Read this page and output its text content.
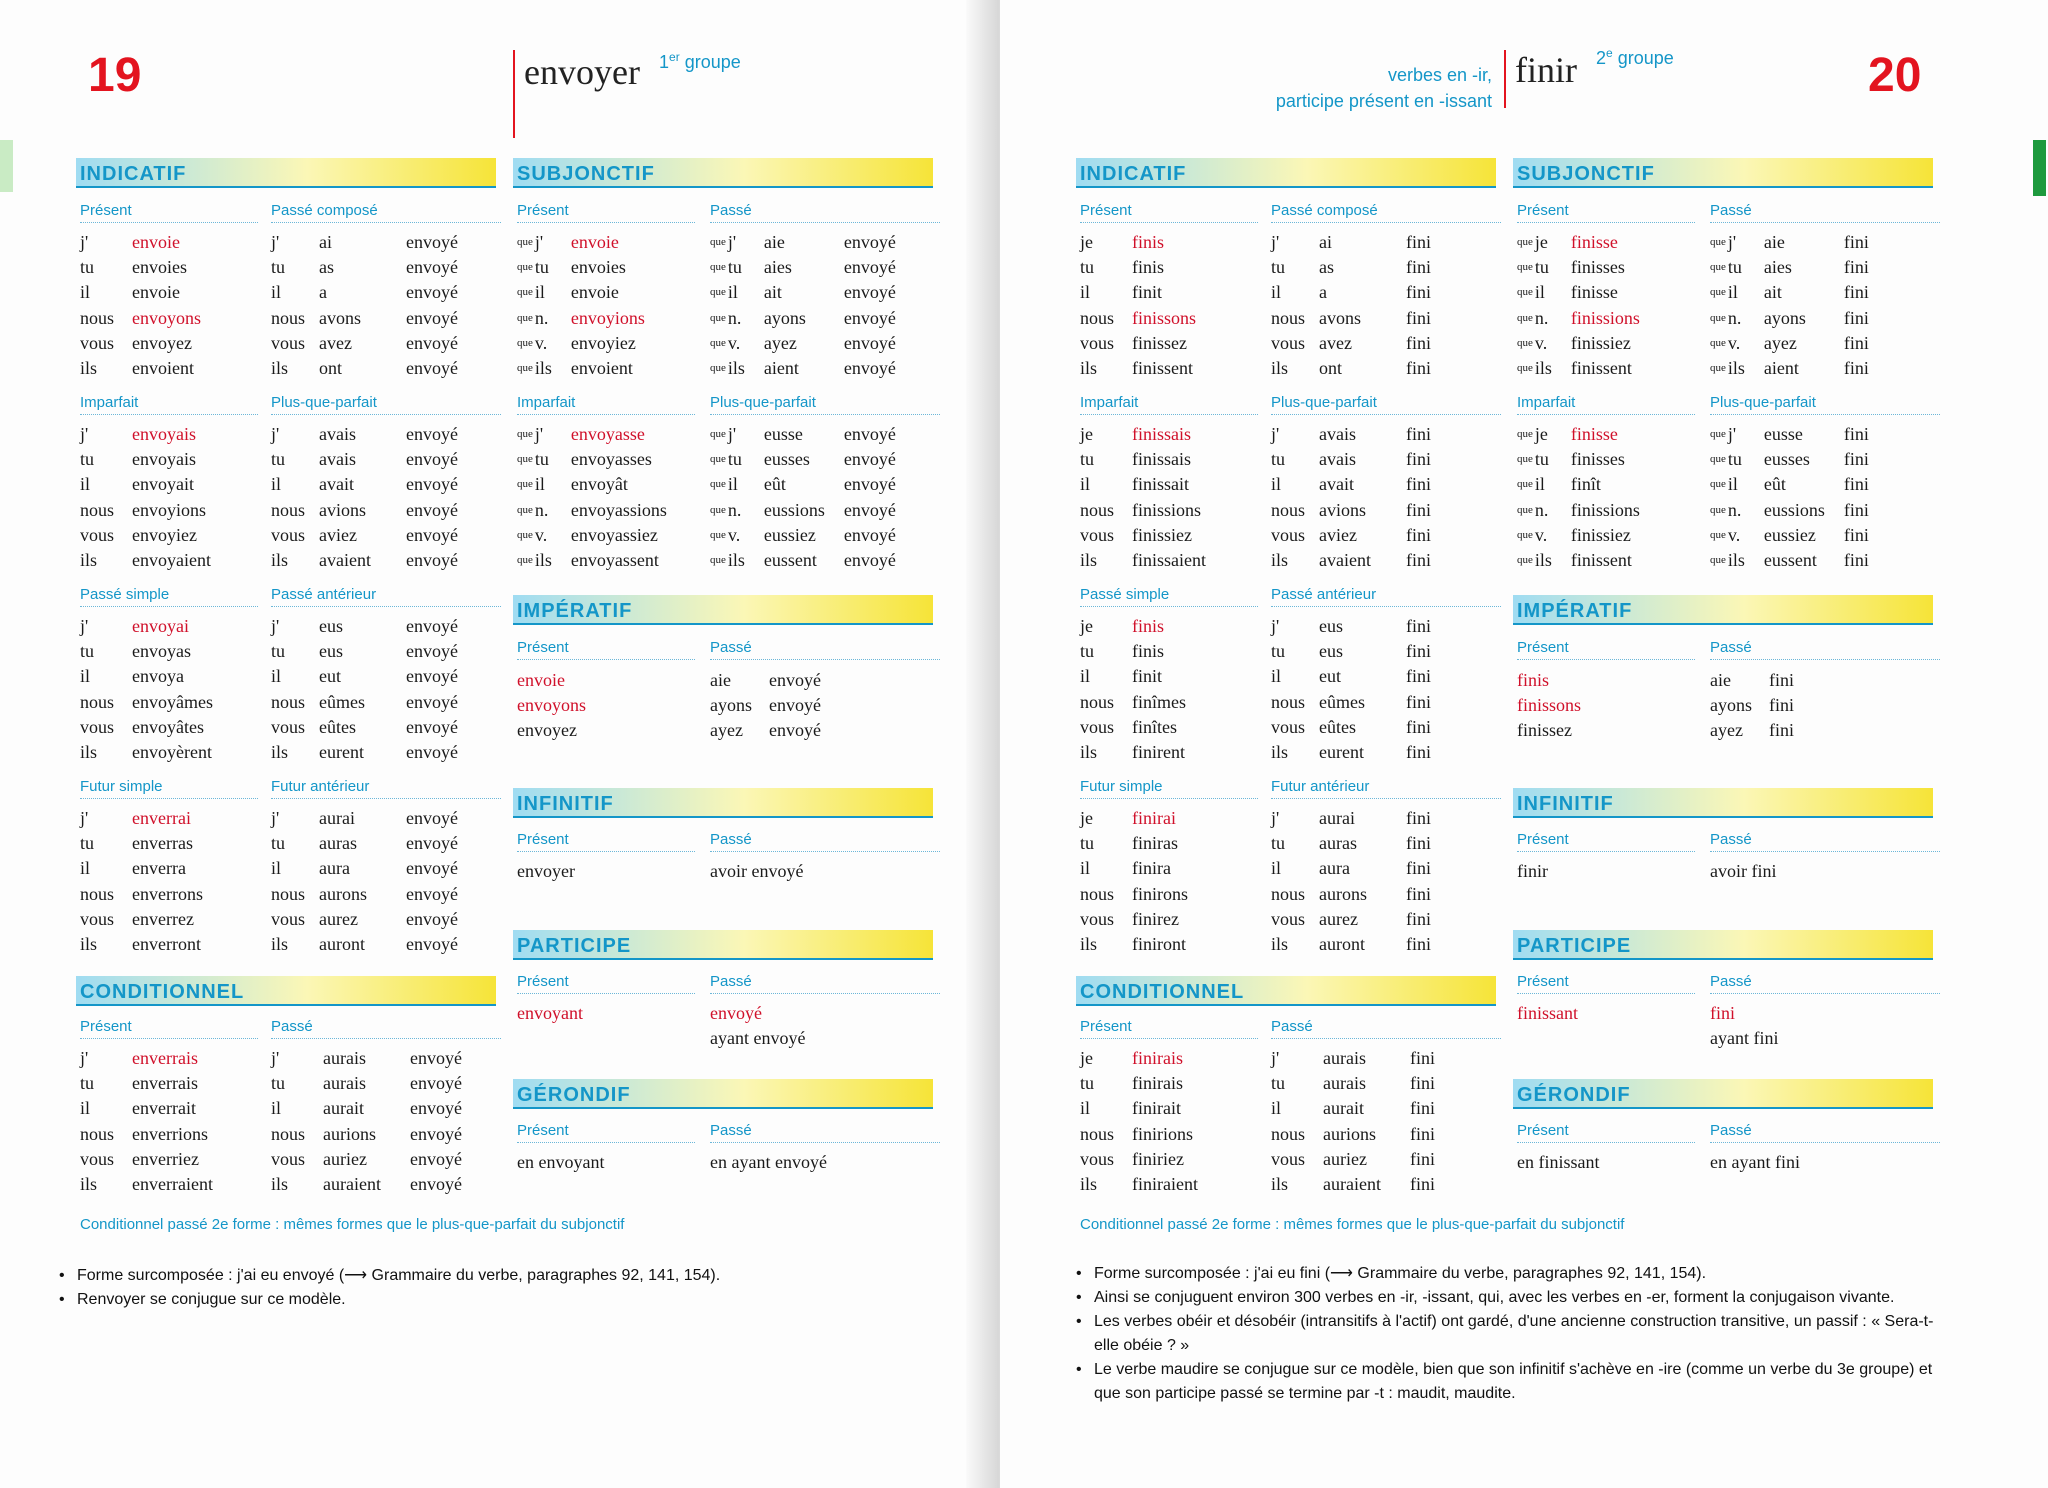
19	envoyer 1er groupe
INDICATIF
Présent	Passé composé
j'	envoie
tu	envoies
il	envoie
nous envoyons
vous envoyez
ils	envoient
j'	ai	envoyé
tu	as	envoyé
il	a	envoyé
nous avons	envoyé
vous avez	envoyé
ils	ont	envoyé
Imparfait	Plus-que-parfait
j'	envoyais
tu	envoyais
il	envoyait
nous envoyions
vous envoyiez
ils	envoyaient
j'	avais	envoyé
tu	avais	envoyé
il	avait	envoyé
nous avions	envoyé
vous aviez	envoyé
ils	avaient	envoyé
Passé simple	Passé antérieur
j'	envoyai
tu	envoyas
il	envoya
nous envoyâmes
vous envoyâtes
ils	envoyèrent
j'	eus	envoyé
tu	eus	envoyé
il	eut	envoyé
nous eûmes	envoyé
vous eûtes	envoyé
ils	eurent	envoyé
Futur simple	Futur antérieur
j'	enverrai
tu	enverras
il	enverra
nous enverrons
vous enverrez
ils	enverront
j'	aurai	envoyé
tu	auras	envoyé
il	aura	envoyé
nous aurons	envoyé
vous aurez	envoyé
ils	auront	envoyé
CONDITIONNEL
Présent	Passé
j'	enverrais
tu	enverrais
il	enverrait
nous enverrions
vous enverriez
ils	enverraient
j'	aurais	envoyé
tu	aurais	envoyé
il	aurait	envoyé
nous aurions	envoyé
vous auriez	envoyé
ils	auraient	envoyé
Conditionnel passé 2e forme : mêmes formes que le plus-que-parfait du subjonctif
SUBJONCTIF
Présent	Passé
que j'	envoie
que tu	envoies
que il	envoie
que n.	envoyions
que v.	envoyiez
que ils	envoient
que j'	aie	envoyé
que tu	aies	envoyé
que il	ait	envoyé
que n.	ayons	envoyé
que v.	ayez	envoyé
que ils	aient	envoyé
Imparfait	Plus-que-parfait
que j'	envoyasse
que tu	envoyasses
que il	envoyât
que n.	envoyassions
que v.	envoyassiez
que ils	envoyassent
que j'	eusse	envoyé
que tu	eusses	envoyé
que il	eût	envoyé
que n.	eussions	envoyé
que v.	eussiez	envoyé
que ils	eussent	envoyé
IMPÉRATIF
Présent	Passé
envoie
envoyons
envoyez
aie	envoyé
ayons envoyé
ayez	envoyé
INFINITIF
Présent	Passé
envoyer	avoir envoyé
PARTICIPE
Présent	Passé
envoyant	envoyé
ayant envoyé
GÉRONDIF
Présent	Passé
en envoyant	en ayant envoyé

• Forme surcomposée : j'ai eu envoyé (⟶ Grammaire du verbe, paragraphes 92, 141, 154).

• Renvoyer se conjugue sur ce modèle.

verbes en -ir,
participe présent en -issant
finir 2e groupe	20
INDICATIF
Présent	Passé composé
je	finis
tu	finis
il	finit
nous finissons
vous finissez
ils	finissent
j'	ai	fini
tu	as	fini
il	a	fini
nous avons	fini
vous avez	fini
ils	ont	fini
Imparfait	Plus-que-parfait
je	finissais
tu	finissais
il	finissait
nous finissions
vous finissiez
ils	finissaient
j'	avais	fini
tu	avais	fini
il	avait	fini
nous avions	fini
vous aviez	fini
ils	avaient	fini
Passé simple	Passé antérieur
je	finis
tu	finis
il	finit
nous finîmes
vous finîtes
ils	finirent
j'	eus	fini
tu	eus	fini
il	eut	fini
nous eûmes	fini
vous eûtes	fini
ils	eurent	fini
Futur simple	Futur antérieur
je	finirai
tu	finiras
il	finira
nous finirons
vous finirez
ils	finiront
j'	aurai	fini
tu	auras	fini
il	aura	fini
nous aurons	fini
vous aurez	fini
ils	auront	fini
CONDITIONNEL
Présent	Passé
je	finirais
tu	finirais
il	finirait
nous finirions
vous finiriez
ils	finiraient
j'	aurais	fini
tu	aurais	fini
il	aurait	fini
nous aurions	fini
vous auriez	fini
ils	auraient	fini
Conditionnel passé 2e forme : mêmes formes que le plus-que-parfait du subjonctif
SUBJONCTIF
Présent	Passé
que je	finisse
que tu	finisses
que il	finisse
que n.	finissions
que v.	finissiez
que ils	finissent
que j'	aie	fini
que tu	aies	fini
que il	ait	fini
que n.	ayons	fini
que v.	ayez	fini
que ils	aient	fini
Imparfait	Plus-que-parfait
que je	finisse
que tu	finisses
que il	finît
que n.	finissions
que v.	finissiez
que ils	finissent
que j'	eusse	fini
que tu	eusses	fini
que il	eût	fini
que n.	eussions	fini
que v.	eussiez	fini
que ils	eussent	fini
IMPÉRATIF
Présent	Passé
finis
finissons
finissez
aie	fini
ayons fini
ayez	fini
INFINITIF
Présent	Passé
finir	avoir fini
PARTICIPE
Présent	Passé
finissant	fini
ayant fini
GÉRONDIF
Présent	Passé
en finissant	en ayant fini

• Forme surcomposée : j'ai eu fini (⟶ Grammaire du verbe, paragraphes 92, 141, 154).

• Ainsi se conjuguent environ 300 verbes en -ir, -issant, qui, avec les verbes en -er, forment la conjugaison vivante.

• Les verbes obéir et désobéir (intransitifs à l'actif) ont gardé, d'une ancienne construction transitive, un passif : « Sera-t-elle obéie ? »

• Le verbe maudire se conjugue sur ce modèle, bien que son infinitif s'achève en -ire (comme un verbe du 3e groupe) et que son participe passé se termine par -t : maudit, maudite.
